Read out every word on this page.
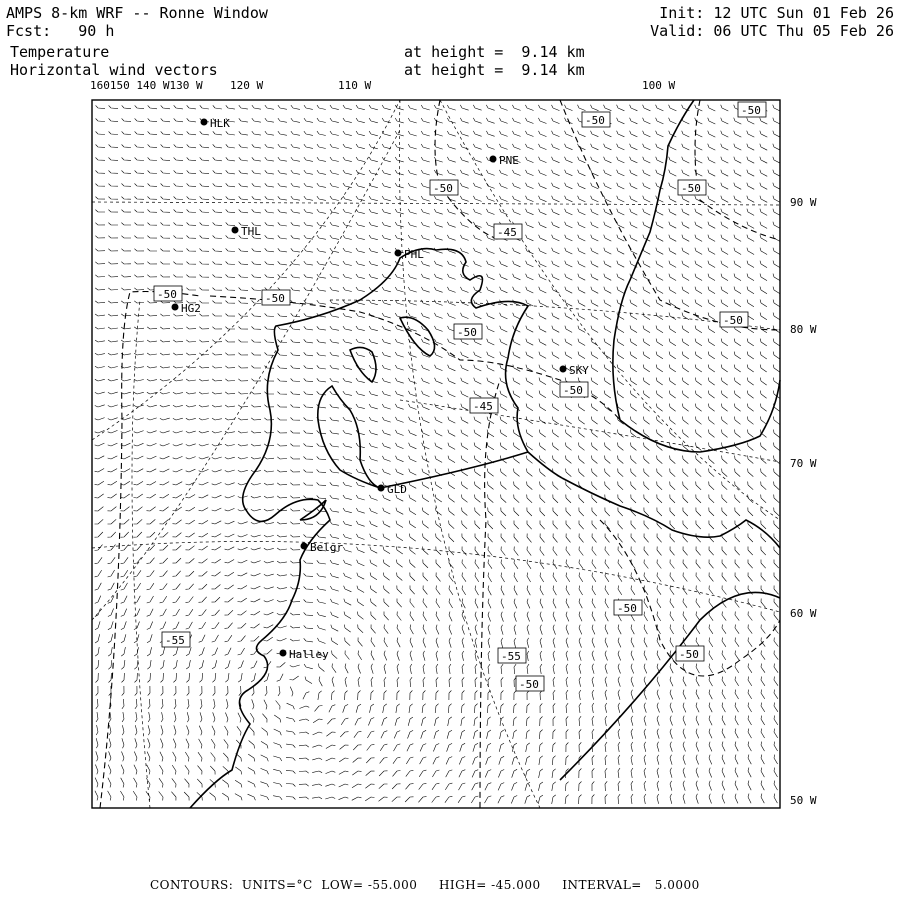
AMPS 8-km WRF -- Ronne Window
Fcst: 90 h
Temperature
Horizontal wind vectors
at height =  9.14 km
at height =  9.14 km
Init: 12 UTC Sun 01 Feb 26
Valid: 06 UTC Thu 05 Feb 26
-50
-50
-50
-45
-50
-50	-50
-50
-50
-45
-50
-50
-55	-50
-55
-50
HLK
PNE
THL
PHL
HG2
SKY
GLD
Belgr
Halley
160150 140 W130 W 120 W	110 W	100 W
90 W
80 W
70 W
60 W
50 W
CONTOURS:  UNITS=°C  LOW= -55.000     HIGH= -45.000     INTERVAL=   5.0000
